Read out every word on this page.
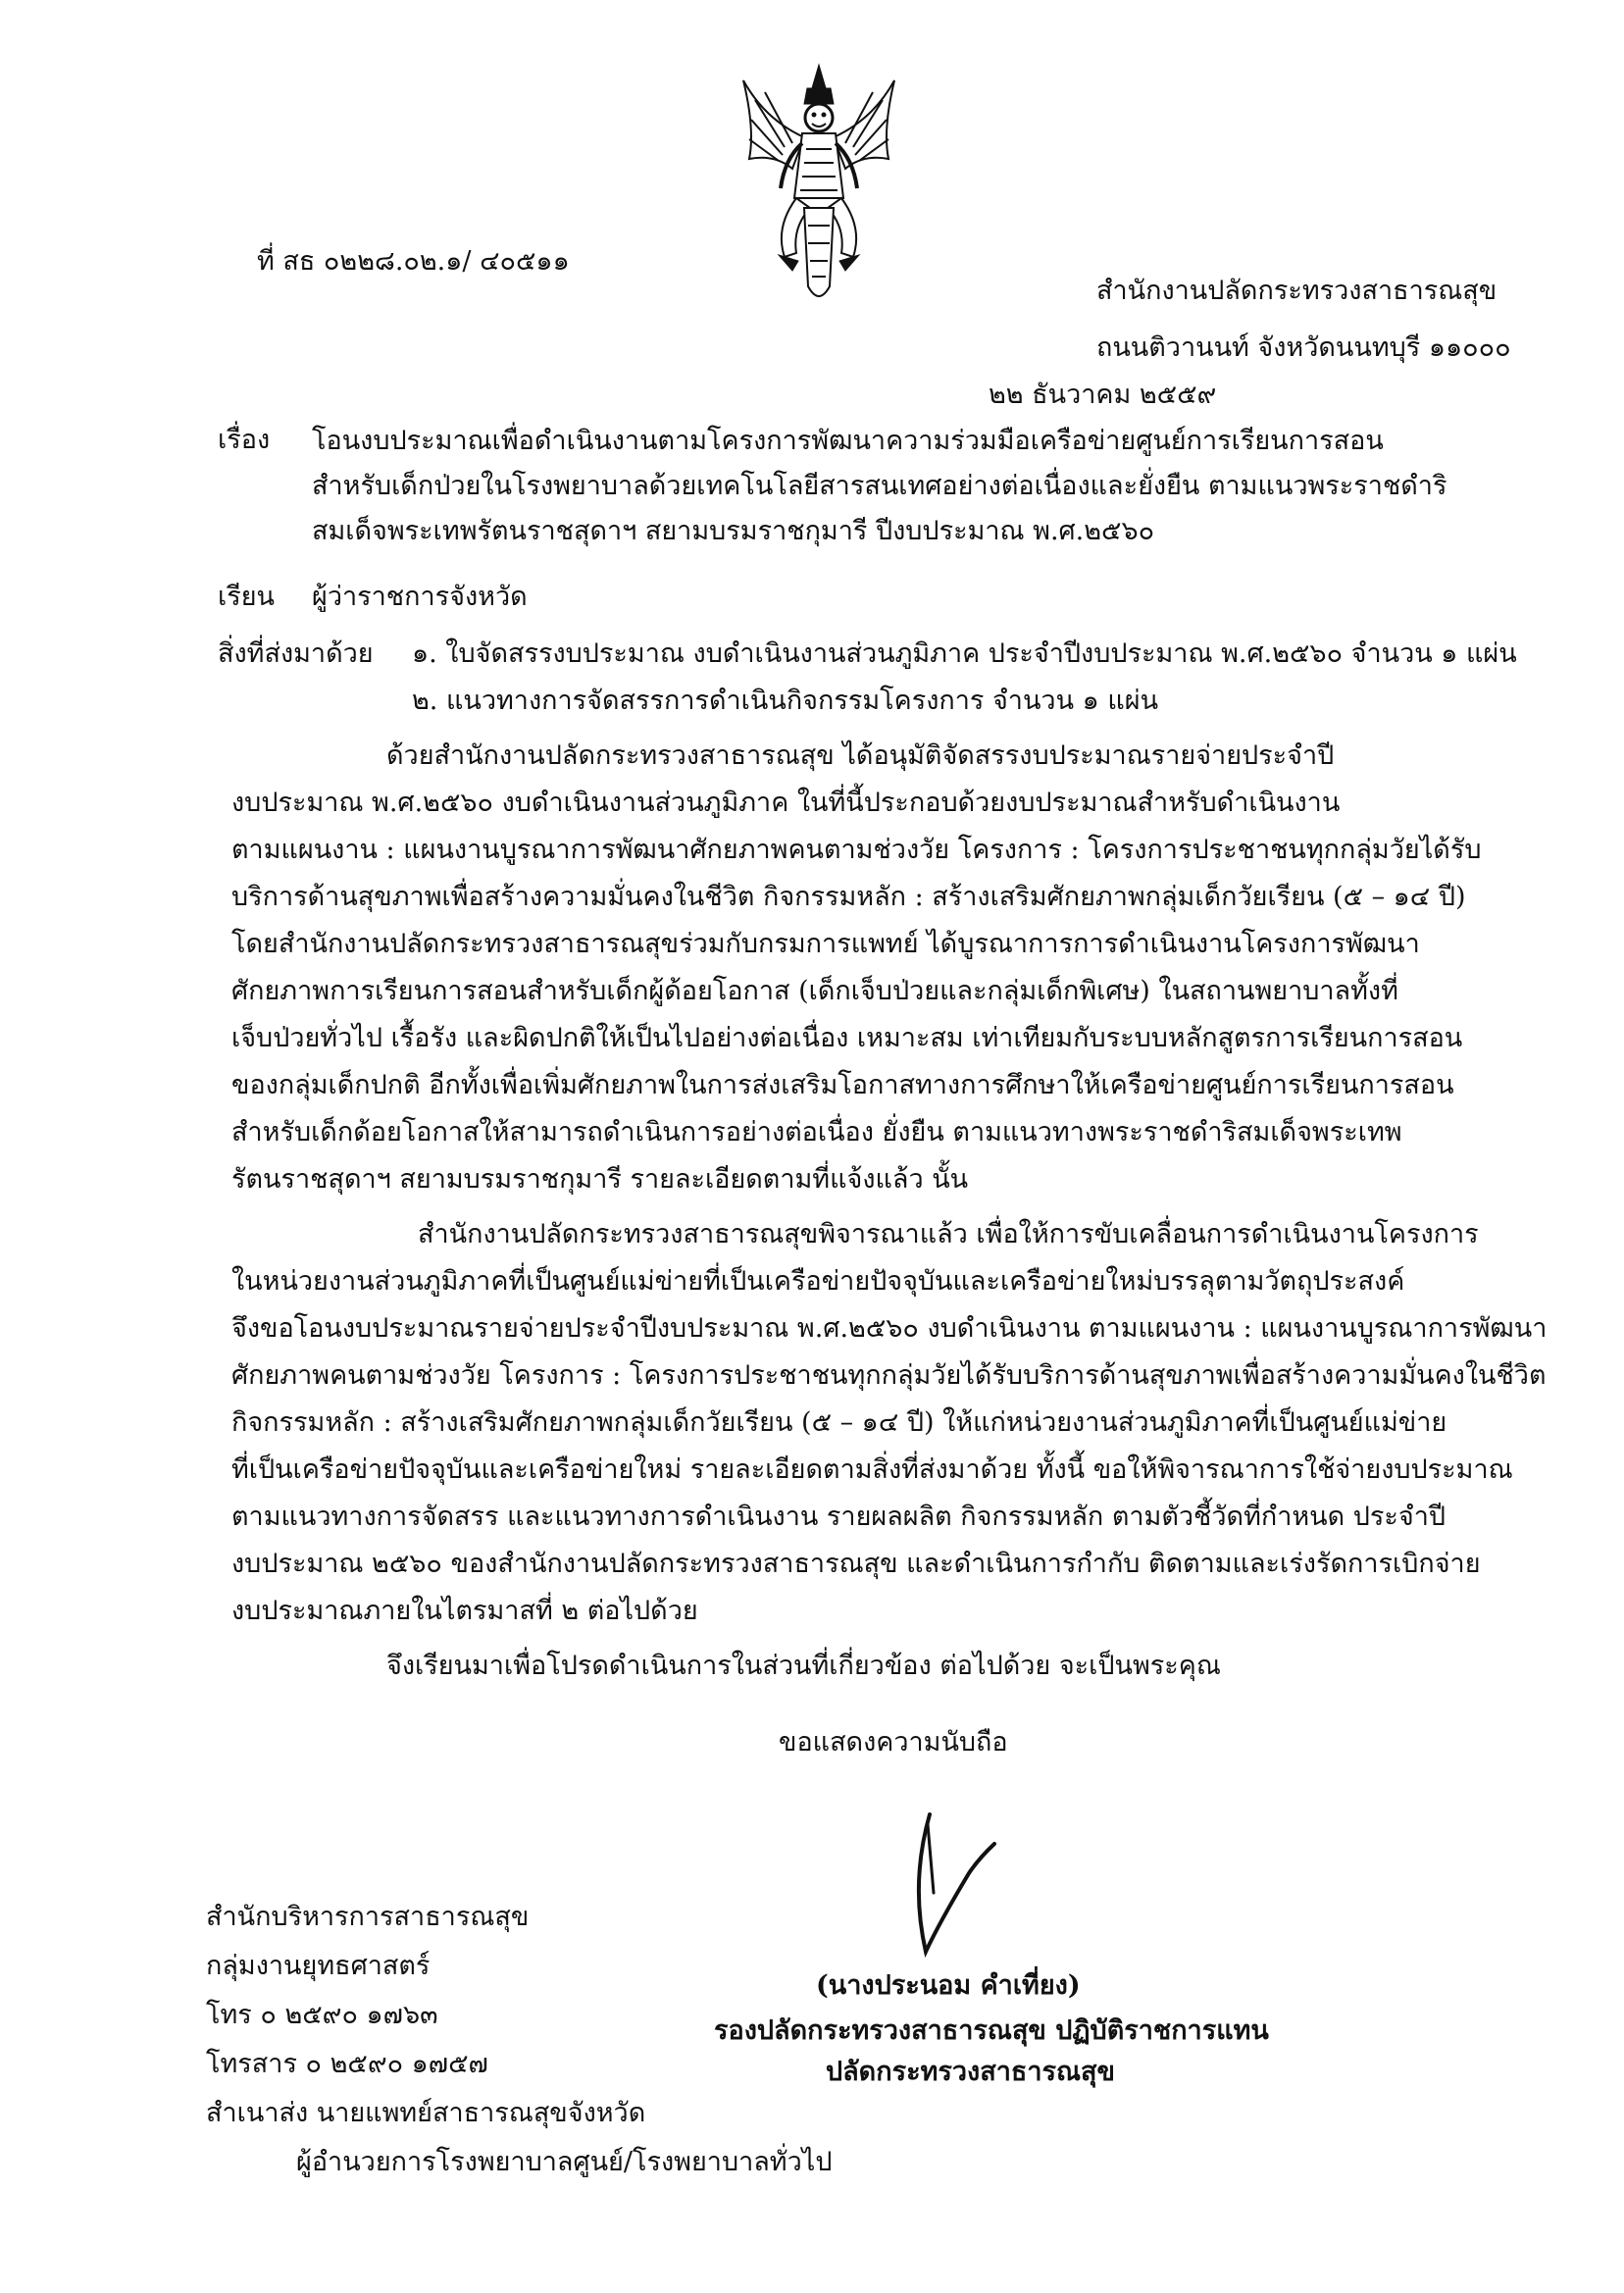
ที่ สธ ๐๒๒๘.๐๒.๑/ ๔๐๕๑๑
สำนักงานปลัดกระทรวงสาธารณสุข
ถนนติวานนท์ จังหวัดนนทบุรี ๑๑๐๐๐
๒๒ ธันวาคม ๒๕๕๙
เรื่อง โอนงบประมาณเพื่อดำเนินงานตามโครงการพัฒนาความร่วมมือเครือข่ายศูนย์การเรียนการสอน
สำหรับเด็กป่วยในโรงพยาบาลด้วยเทคโนโลยีสารสนเทศอย่างต่อเนื่องและยั่งยืน ตามแนวพระราชดำริ
สมเด็จพระเทพรัตนราชสุดาฯ สยามบรมราชกุมารี ปีงบประมาณ พ.ศ.๒๕๖๐
เรียน ผู้ว่าราชการจังหวัด
สิ่งที่ส่งมาด้วย ๑. ใบจัดสรรงบประมาณ งบดำเนินงานส่วนภูมิภาค ประจำปีงบประมาณ พ.ศ.๒๕๖๐ จำนวน ๑ แผ่น
๒. แนวทางการจัดสรรการดำเนินกิจกรรมโครงการ จำนวน ๑ แผ่น
ด้วยสำนักงานปลัดกระทรวงสาธารณสุข ได้อนุมัติจัดสรรงบประมาณรายจ่ายประจำปี
งบประมาณ พ.ศ.๒๕๖๐ งบดำเนินงานส่วนภูมิภาค ในที่นี้ประกอบด้วยงบประมาณสำหรับดำเนินงาน
ตามแผนงาน : แผนงานบูรณาการพัฒนาศักยภาพคนตามช่วงวัย โครงการ : โครงการประชาชนทุกกลุ่มวัยได้รับ
บริการด้านสุขภาพเพื่อสร้างความมั่นคงในชีวิต กิจกรรมหลัก : สร้างเสริมศักยภาพกลุ่มเด็กวัยเรียน (๕ – ๑๔ ปี)
โดยสำนักงานปลัดกระทรวงสาธารณสุขร่วมกับกรมการแพทย์ ได้บูรณาการการดำเนินงานโครงการพัฒนา
ศักยภาพการเรียนการสอนสำหรับเด็กผู้ด้อยโอกาส (เด็กเจ็บป่วยและกลุ่มเด็กพิเศษ) ในสถานพยาบาลทั้งที่
เจ็บป่วยทั่วไป เรื้อรัง และผิดปกติให้เป็นไปอย่างต่อเนื่อง เหมาะสม เท่าเทียมกับระบบหลักสูตรการเรียนการสอน
ของกลุ่มเด็กปกติ อีกทั้งเพื่อเพิ่มศักยภาพในการส่งเสริมโอกาสทางการศึกษาให้เครือข่ายศูนย์การเรียนการสอน
สำหรับเด็กด้อยโอกาสให้สามารถดำเนินการอย่างต่อเนื่อง ยั่งยืน ตามแนวทางพระราชดำริสมเด็จพระเทพ
รัตนราชสุดาฯ สยามบรมราชกุมารี รายละเอียดตามที่แจ้งแล้ว นั้น
สำนักงานปลัดกระทรวงสาธารณสุขพิจารณาแล้ว เพื่อให้การขับเคลื่อนการดำเนินงานโครงการ
ในหน่วยงานส่วนภูมิภาคที่เป็นศูนย์แม่ข่ายที่เป็นเครือข่ายปัจจุบันและเครือข่ายใหม่บรรลุตามวัตถุประสงค์
จึงขอโอนงบประมาณรายจ่ายประจำปีงบประมาณ พ.ศ.๒๕๖๐ งบดำเนินงาน ตามแผนงาน : แผนงานบูรณาการพัฒนา
ศักยภาพคนตามช่วงวัย โครงการ : โครงการประชาชนทุกกลุ่มวัยได้รับบริการด้านสุขภาพเพื่อสร้างความมั่นคงในชีวิต
กิจกรรมหลัก : สร้างเสริมศักยภาพกลุ่มเด็กวัยเรียน (๕ – ๑๔ ปี) ให้แก่หน่วยงานส่วนภูมิภาคที่เป็นศูนย์แม่ข่าย
ที่เป็นเครือข่ายปัจจุบันและเครือข่ายใหม่ รายละเอียดตามสิ่งที่ส่งมาด้วย ทั้งนี้ ขอให้พิจารณาการใช้จ่ายงบประมาณ
ตามแนวทางการจัดสรร และแนวทางการดำเนินงาน รายผลผลิต กิจกรรมหลัก ตามตัวชี้วัดที่กำหนด ประจำปี
งบประมาณ ๒๕๖๐ ของสำนักงานปลัดกระทรวงสาธารณสุข และดำเนินการกำกับ ติดตามและเร่งรัดการเบิกจ่าย
งบประมาณภายในไตรมาสที่ ๒ ต่อไปด้วย
จึงเรียนมาเพื่อโปรดดำเนินการในส่วนที่เกี่ยวข้อง ต่อไปด้วย จะเป็นพระคุณ
ขอแสดงความนับถือ
(นางประนอม คำเที่ยง)
รองปลัดกระทรวงสาธารณสุข ปฏิบัติราชการแทน
ปลัดกระทรวงสาธารณสุข
สำนักบริหารการสาธารณสุข
กลุ่มงานยุทธศาสตร์
โทร ๐ ๒๕๙๐ ๑๗๖๓
โทรสาร ๐ ๒๕๙๐ ๑๗๕๗
สำเนาส่ง นายแพทย์สาธารณสุขจังหวัด
ผู้อำนวยการโรงพยาบาลศูนย์/โรงพยาบาลทั่วไป
